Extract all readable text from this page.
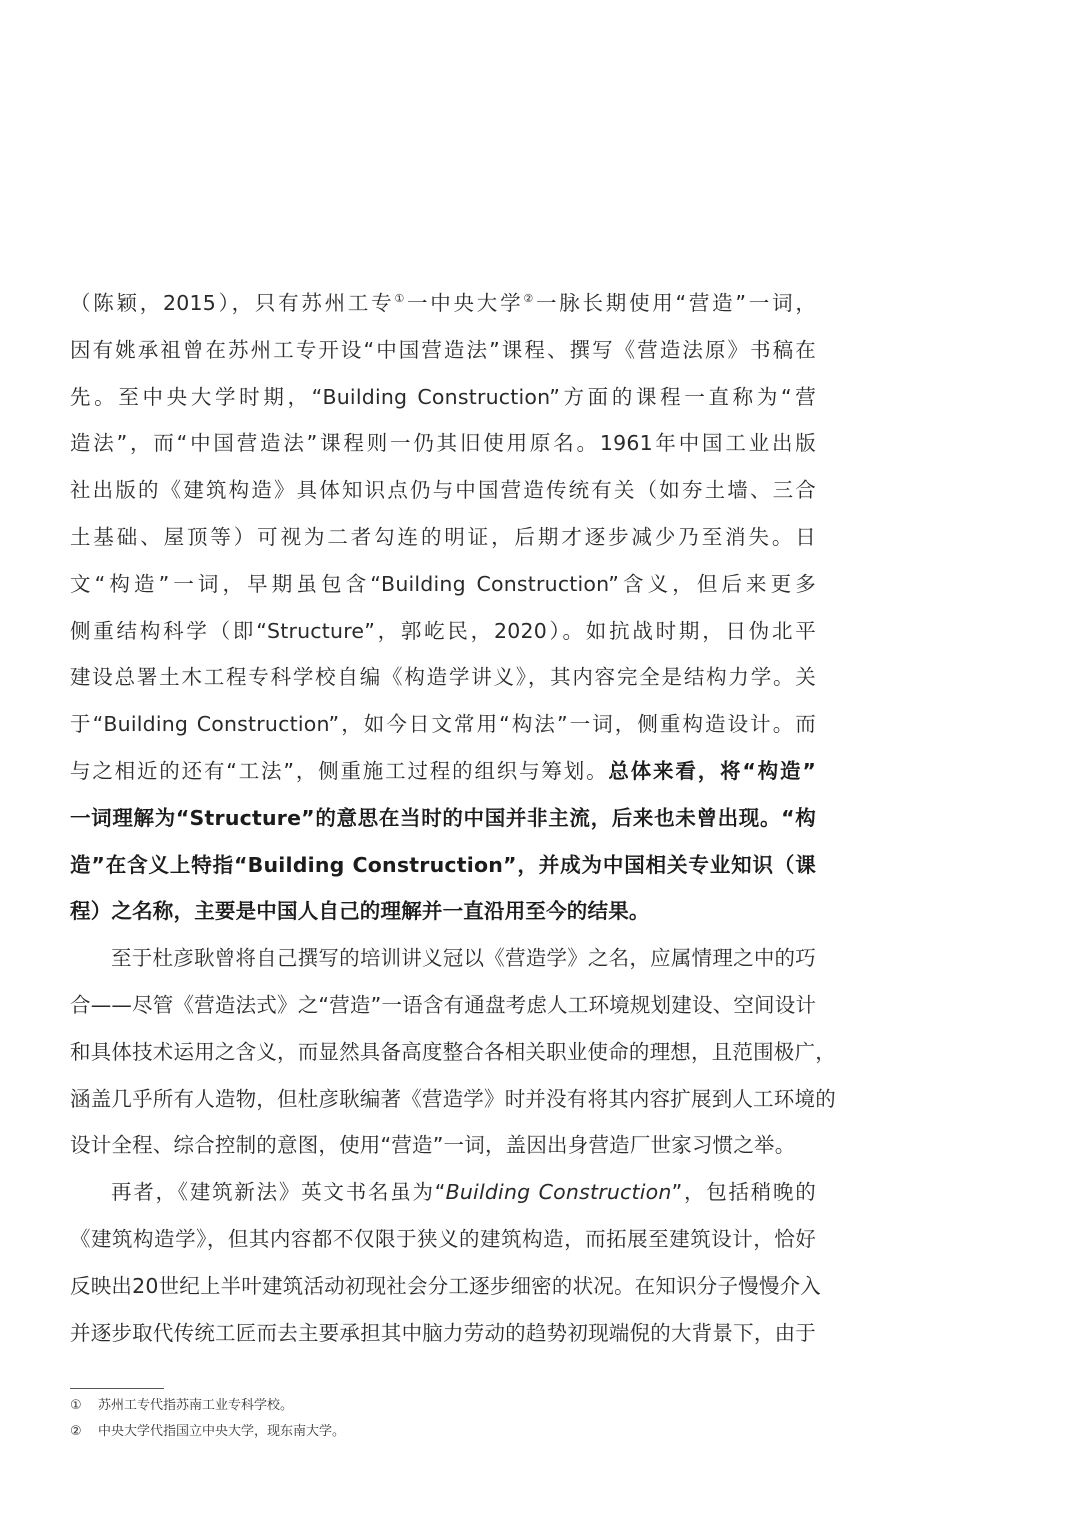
（陈颖，2015），只有苏州工专①一中央大学②一脉长期使用“营造”一词，
因有姚承祖曾在苏州工专开设“中国营造法”课程、撰写《营造法原》书稿在
先。至中央大学时期，“Building Construction”方面的课程一直称为“营
造法”，而“中国营造法”课程则一仍其旧使用原名。1961年中国工业出版
社出版的《建筑构造》具体知识点仍与中国营造传统有关（如夯土墙、三合
土基础、屋顶等）可视为二者勾连的明证，后期才逐步减少乃至消失。日
文“构造”一词，早期虽包含“Building Construction”含义，但后来更多
侧重结构科学（即“Structure”，郭屹民，2020）。如抗战时期，日伪北平
建设总署土木工程专科学校自编《构造学讲义》，其内容完全是结构力学。关
于“Building Construction”，如今日文常用“构法”一词，侧重构造设计。而
与之相近的还有“工法”，侧重施工过程的组织与筹划。总体来看，将“构造”
一词理解为“Structure”的意思在当时的中国并非主流，后来也未曾出现。“构
造”在含义上特指“Building Construction”，并成为中国相关专业知识（课
程）之名称，主要是中国人自己的理解并一直沿用至今的结果。
至于杜彦耿曾将自己撰写的培训讲义冠以《营造学》之名，应属情理之中的巧
合——尽管《营造法式》之“营造”一语含有通盘考虑人工环境规划建设、空间设计
和具体技术运用之含义，而显然具备高度整合各相关职业使命的理想，且范围极广，
涵盖几乎所有人造物，但杜彦耿编著《营造学》时并没有将其内容扩展到人工环境的
设计全程、综合控制的意图，使用“营造”一词，盖因出身营造厂世家习惯之举。
再者，《建筑新法》英文书名虽为“Building Construction”，包括稍晚的
《建筑构造学》，但其内容都不仅限于狭义的建筑构造，而拓展至建筑设计，恰好
反映出20世纪上半叶建筑活动初现社会分工逐步细密的状况。在知识分子慢慢介入
并逐步取代传统工匠而去主要承担其中脑力劳动的趋势初现端倪的大背景下，由于
① 苏州工专代指苏南工业专科学校。
② 中央大学代指国立中央大学，现东南大学。
